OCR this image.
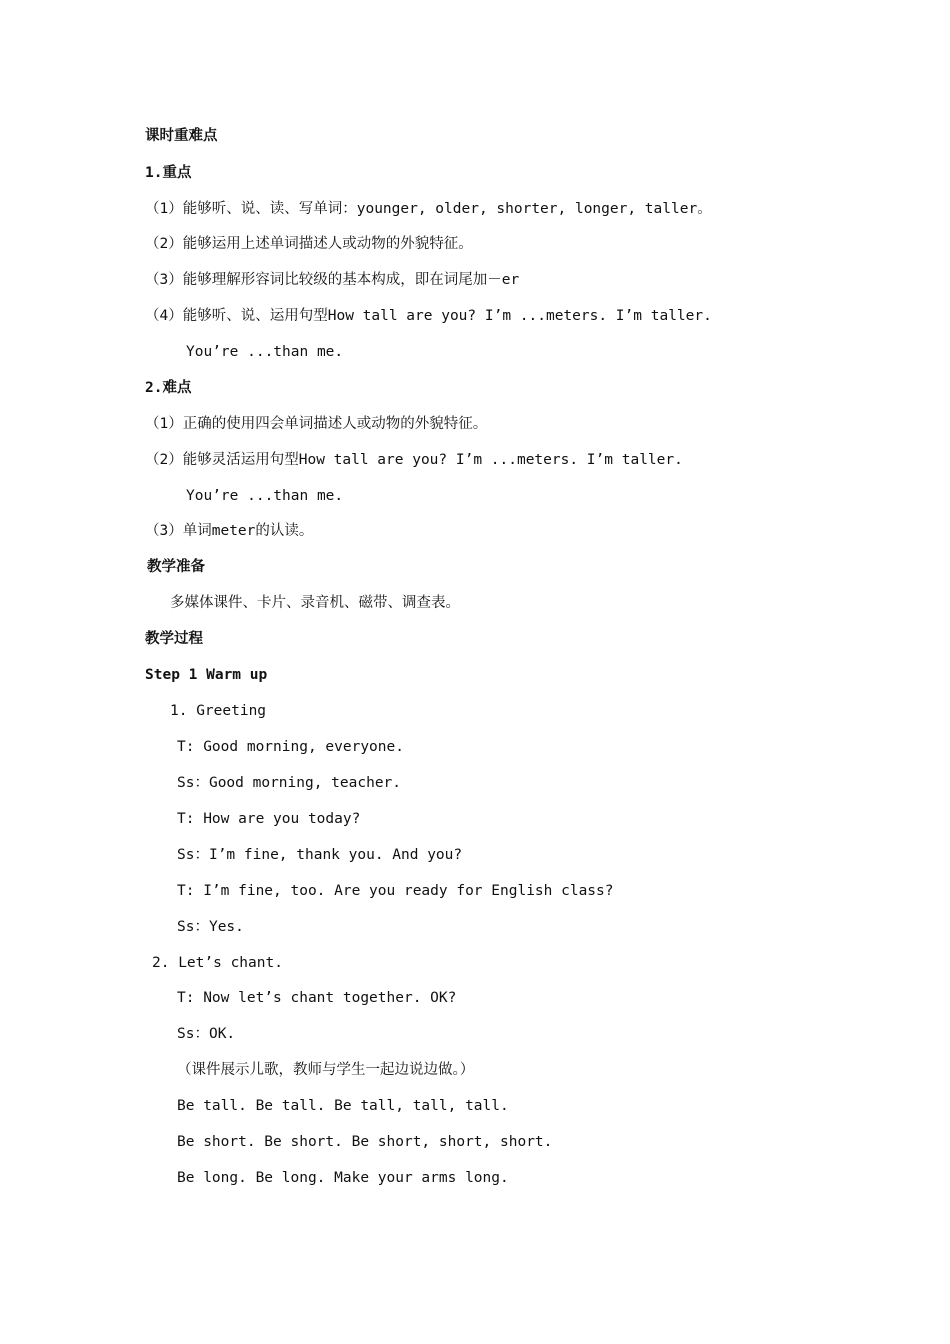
课时重难点
1.重点
（1）能够听、说、读、写单词：younger, older, shorter, longer, taller。
（2）能够运用上述单词描述人或动物的外貌特征。
（3）能够理解形容词比较级的基本构成，即在词尾加－er
（4）能够听、说、运用句型How tall are you? I’m ...meters. I’m taller.
You’re ...than me.
2.难点
（1）正确的使用四会单词描述人或动物的外貌特征。
（2）能够灵活运用句型How tall are you? I’m ...meters. I’m taller.
You’re ...than me.
（3）单词meter的认读。
教学准备
多媒体课件、卡片、录音机、磁带、调查表。
教学过程
Step 1 Warm up
1. Greeting
T: Good morning, everyone.
Ss：Good morning, teacher.
T: How are you today?
Ss：I’m fine, thank you. And you?
T: I’m fine, too. Are you ready for English class?
Ss：Yes.
2. Let’s chant.
T: Now let’s chant together. OK?
Ss：OK.
（课件展示儿歌，教师与学生一起边说边做。）
Be tall. Be tall. Be tall, tall, tall.
Be short. Be short. Be short, short, short.
Be long. Be long. Make your arms long.
